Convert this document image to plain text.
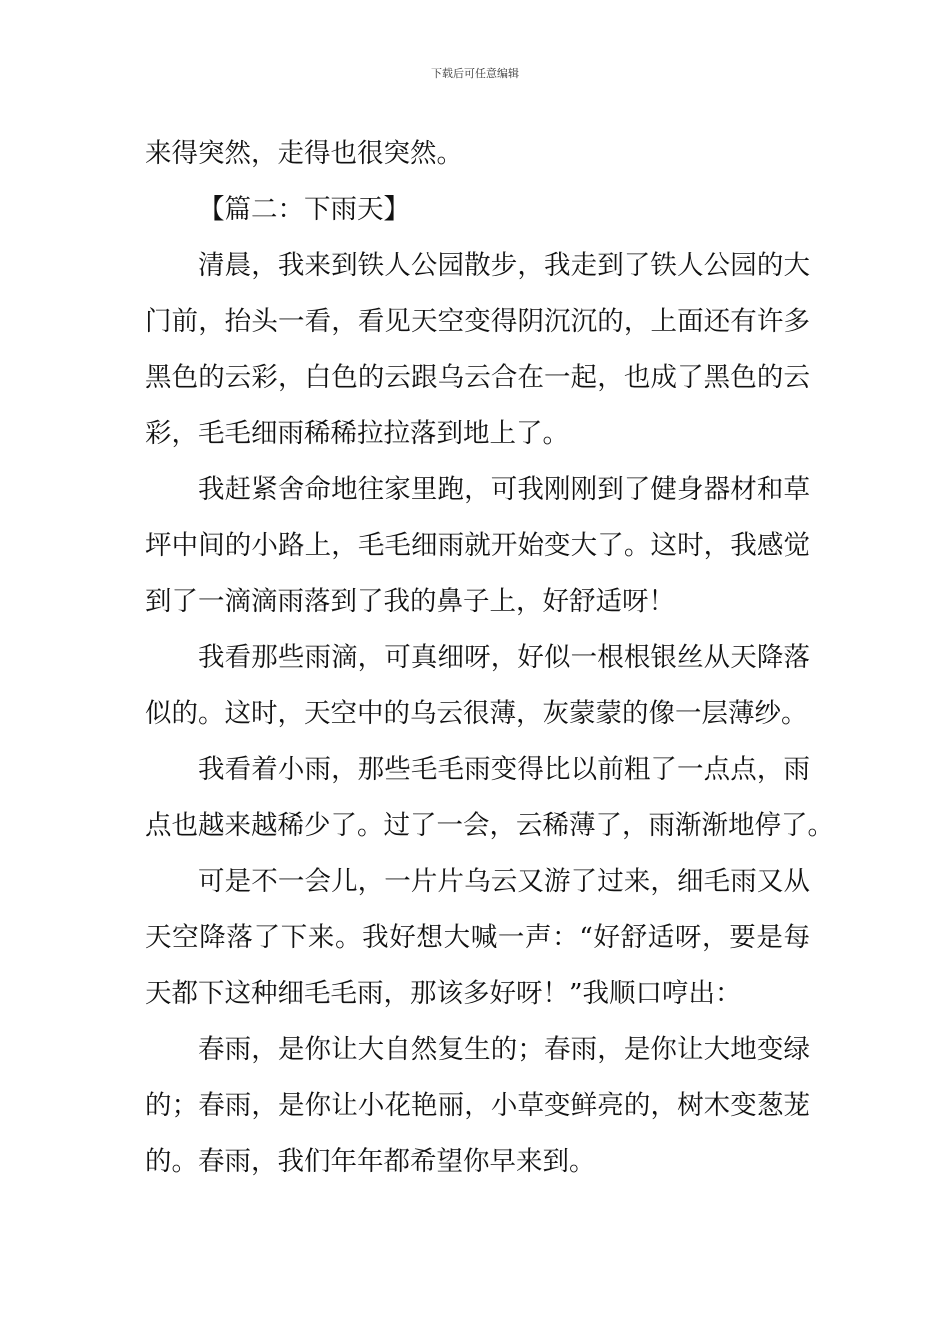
下载后可任意编辑
来得突然，走得也很突然。
【篇二：下雨天】
清晨，我来到铁人公园散步，我走到了铁人公园的大
门前，抬头一看，看见天空变得阴沉沉的，上面还有许多
黑色的云彩，白色的云跟乌云合在一起，也成了黑色的云
彩，毛毛细雨稀稀拉拉落到地上了。
我赶紧舍命地往家里跑，可我刚刚到了健身器材和草
坪中间的小路上，毛毛细雨就开始变大了。这时，我感觉
到了一滴滴雨落到了我的鼻子上，好舒适呀！
我看那些雨滴，可真细呀，好似一根根银丝从天降落
似的。这时，天空中的乌云很薄，灰蒙蒙的像一层薄纱。
我看着小雨，那些毛毛雨变得比以前粗了一点点，雨
点也越来越稀少了。过了一会，云稀薄了，雨渐渐地停了。
可是不一会儿，一片片乌云又游了过来，细毛雨又从
天空降落了下来。我好想大喊一声：“好舒适呀，要是每
天都下这种细毛毛雨，那该多好呀！”我顺口哼出：
春雨，是你让大自然复生的；春雨，是你让大地变绿
的；春雨，是你让小花艳丽，小草变鲜亮的，树木变葱茏
的。春雨，我们年年都希望你早来到。
